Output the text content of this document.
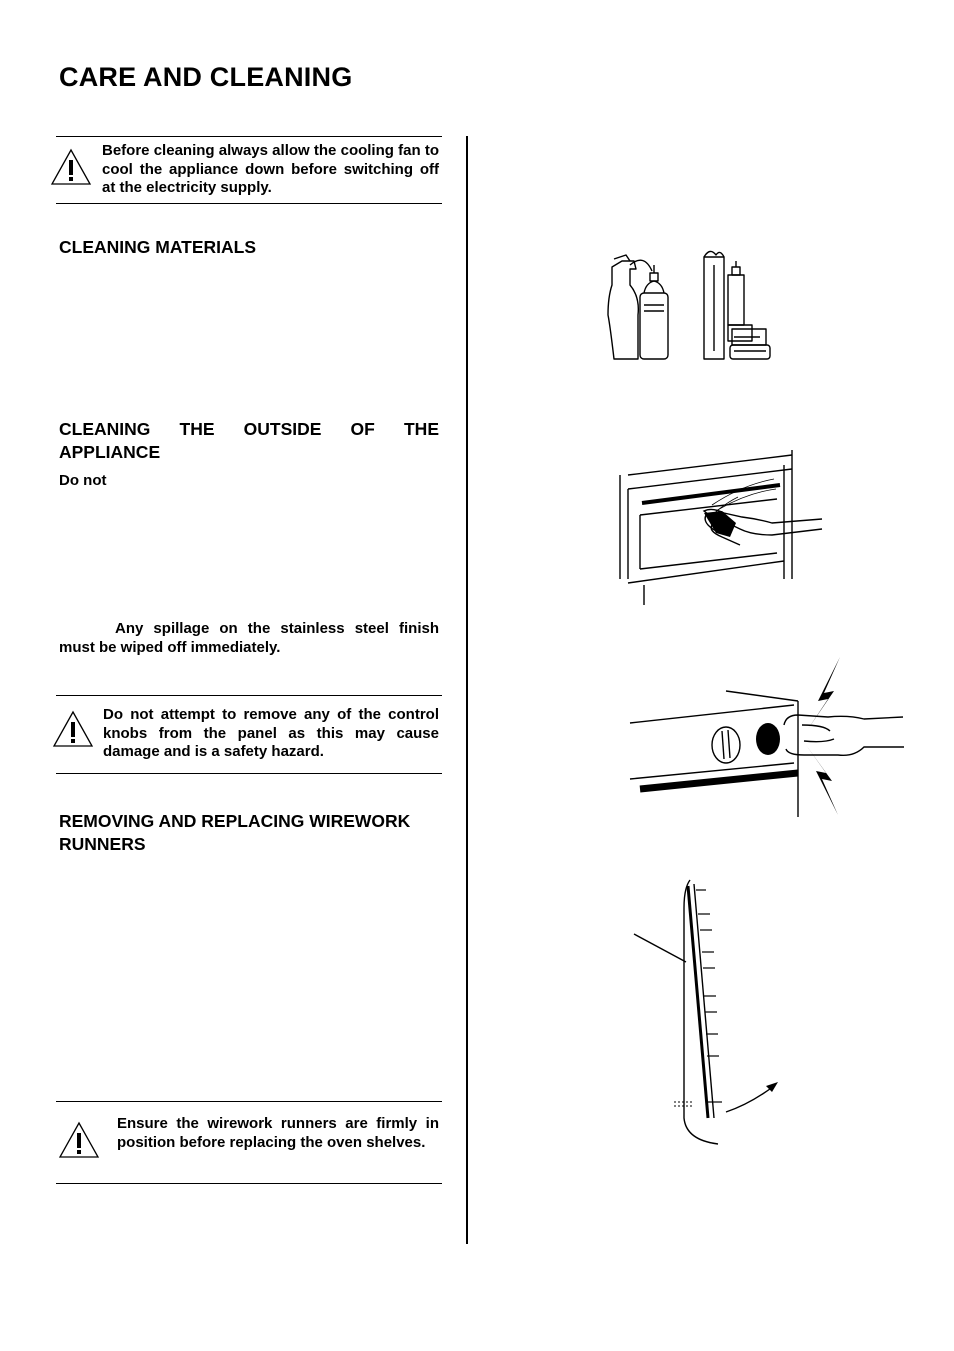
CARE AND CLEANING
Before cleaning always allow the cooling fan to cool the appliance down before switching off at the electricity supply.
CLEANING MATERIALS
CLEANING THE OUTSIDE OF THE APPLIANCE
Do not
Any spillage on the stainless steel finish must be wiped off immediately.
Do not attempt to remove any of the control knobs from the panel as this may cause damage and is a safety hazard.
REMOVING AND REPLACING WIREWORK RUNNERS
Ensure the wirework runners are firmly in position before replacing the oven shelves.
